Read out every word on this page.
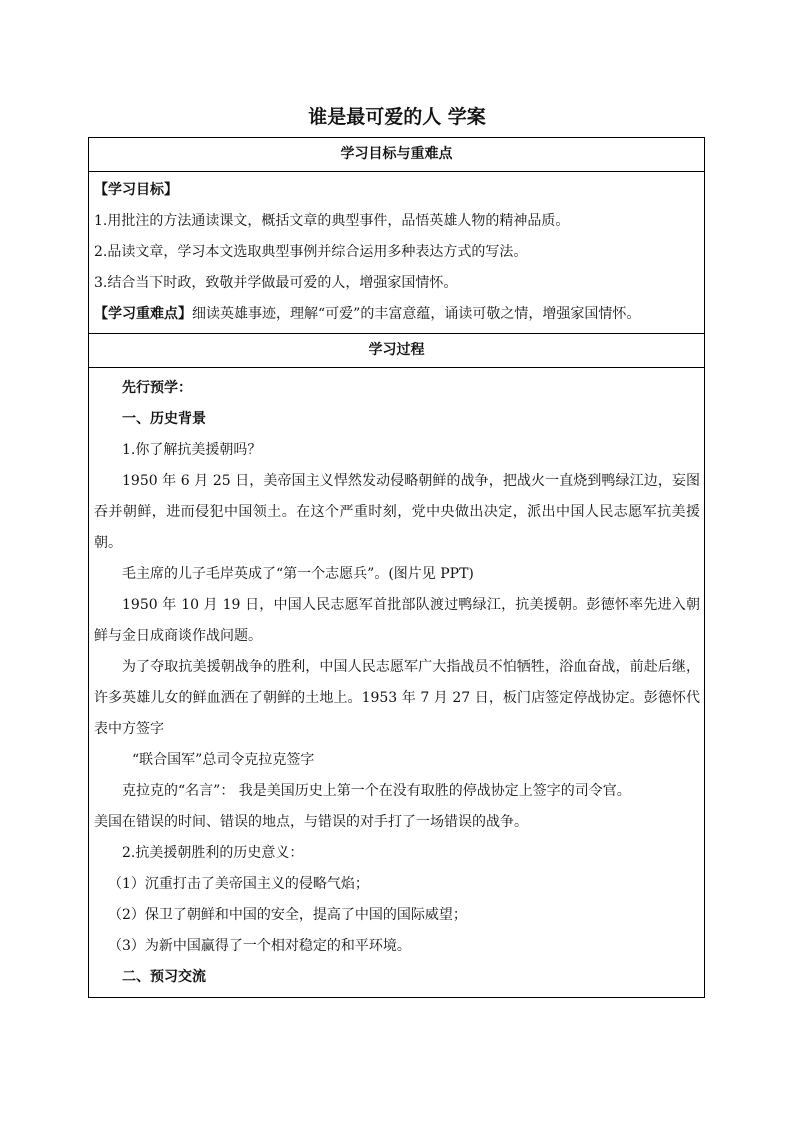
谁是最可爱的人 学案
学习目标与重难点

【学习目标】

1.用批注的方法通读课文，概括文章的典型事件，品悟英雄人物的精神品质。

2.品读文章，学习本文选取典型事例并综合运用多种表达方式的写法。

3.结合当下时政，致敬并学做最可爱的人，增强家国情怀。

【学习重难点】细读英雄事迹，理解“可爱”的丰富意蕴，诵读可敬之情，增强家国情怀。

学习过程

先行预学：

一、历史背景

1.你了解抗美援朝吗？

1950 年 6 月 25 日，美帝国主义悍然发动侵略朝鲜的战争，把战火一直烧到鸭绿江边，妄图吞并朝鲜，进而侵犯中国领土。在这个严重时刻，党中央做出决定，派出中国人民志愿军抗美援朝。

毛主席的儿子毛岸英成了“第一个志愿兵”。(图片见 PPT)

1950 年 10 月 19 日，中国人民志愿军首批部队渡过鸭绿江，抗美援朝。彭德怀率先进入朝鲜与金日成商谈作战问题。

为了夺取抗美援朝战争的胜利，中国人民志愿军广大指战员不怕牺牲，浴血奋战，前赴后继，许多英雄儿女的鲜血洒在了朝鲜的土地上。1953 年 7 月 27 日，板门店签定停战协定。彭德怀代表中方签字

“联合国军”总司令克拉克签字

克拉克的“名言”： 我是美国历史上第一个在没有取胜的停战协定上签字的司令官。

美国在错误的时间、错误的地点，与错误的对手打了一场错误的战争。

2.抗美援朝胜利的历史意义：

（1）沉重打击了美帝国主义的侵略气焰；

（2）保卫了朝鲜和中国的安全，提高了中国的国际威望；

（3）为新中国赢得了一个相对稳定的和平环境。

二、预习交流
